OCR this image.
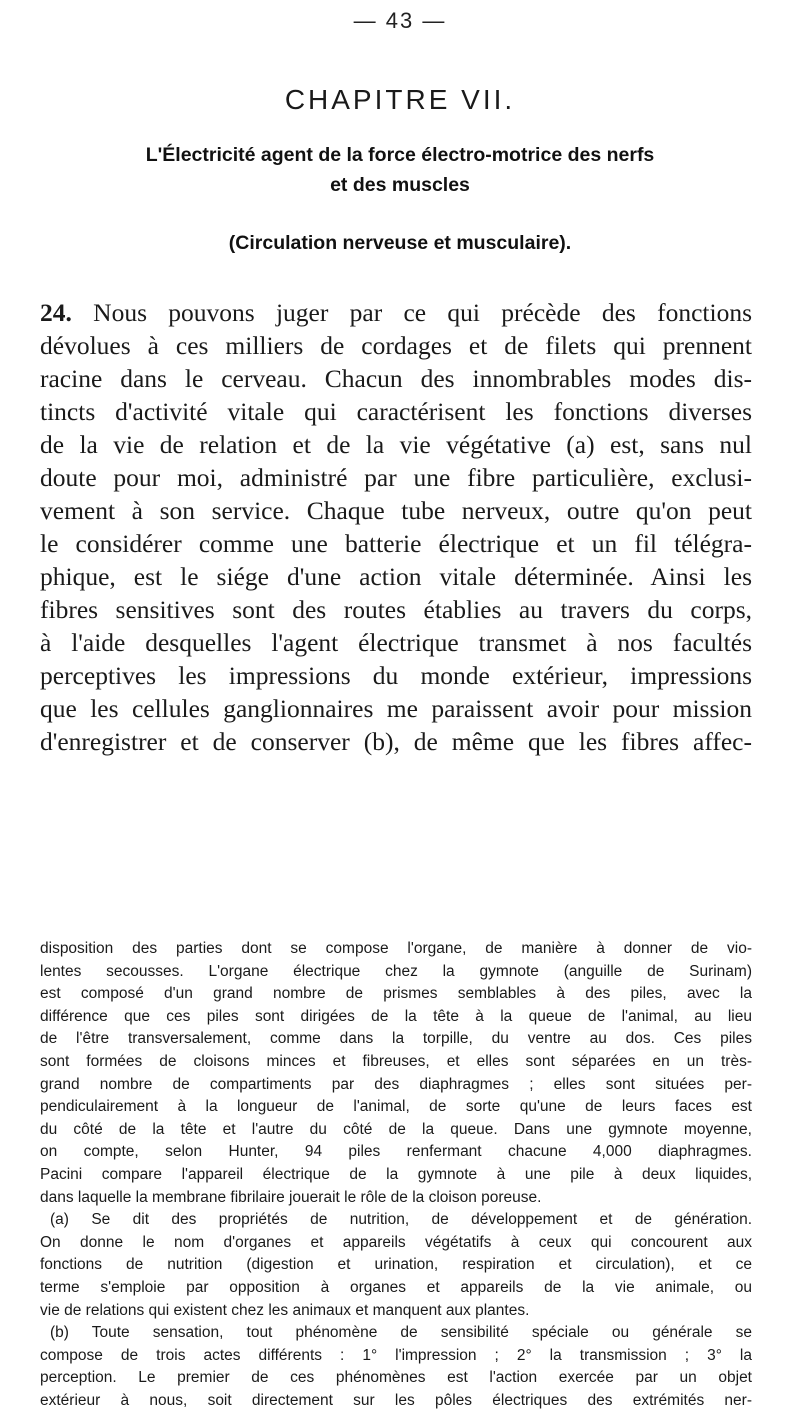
— 43 —
CHAPITRE VII.
L'Électricité agent de la force électro-motrice des nerfs
et des muscles
(Circulation nerveuse et musculaire).
24. Nous pouvons juger par ce qui précède des fonctions
dévolues à ces milliers de cordages et de filets qui prennent
racine dans le cerveau. Chacun des innombrables modes dis-
tincts d'activité vitale qui caractérisent les fonctions diverses
de la vie de relation et de la vie végétative (a) est, sans nul
doute pour moi, administré par une fibre particulière, exclusi-
vement à son service. Chaque tube nerveux, outre qu'on peut
le considérer comme une batterie électrique et un fil télégra-
phique, est le siége d'une action vitale déterminée. Ainsi les
fibres sensitives sont des routes établies au travers du corps,
à l'aide desquelles l'agent électrique transmet à nos facultés
perceptives les impressions du monde extérieur, impressions
que les cellules ganglionnaires me paraissent avoir pour mission
d'enregistrer et de conserver (b), de même que les fibres affec-
disposition des parties dont se compose l'organe, de manière à donner de vio-
lentes secousses. L'organe électrique chez la gymnote (anguille de Surinam)
est composé d'un grand nombre de prismes semblables à des piles, avec la
différence que ces piles sont dirigées de la tête à la queue de l'animal, au lieu
de l'être transversalement, comme dans la torpille, du ventre au dos. Ces piles
sont formées de cloisons minces et fibreuses, et elles sont séparées en un très-
grand nombre de compartiments par des diaphragmes ; elles sont situées per-
pendiculairement à la longueur de l'animal, de sorte qu'une de leurs faces est
du côté de la tête et l'autre du côté de la queue. Dans une gymnote moyenne,
on compte, selon Hunter, 94 piles renfermant chacune 4,000 diaphragmes.
Pacini compare l'appareil électrique de la gymnote à une pile à deux liquides,
dans laquelle la membrane fibrilaire jouerait le rôle de la cloison poreuse.
(a) Se dit des propriétés de nutrition, de développement et de génération.
On donne le nom d'organes et appareils végétatifs à ceux qui concourent aux
fonctions de nutrition (digestion et urination, respiration et circulation), et ce
terme s'emploie par opposition à organes et appareils de la vie animale, ou
vie de relations qui existent chez les animaux et manquent aux plantes.
(b) Toute sensation, tout phénomène de sensibilité spéciale ou générale se
compose de trois actes différents : 1° l'impression ; 2° la transmission ; 3° la
perception. Le premier de ces phénomènes est l'action exercée par un objet
extérieur à nous, soit directement sur les pôles électriques des extrémités ner-
